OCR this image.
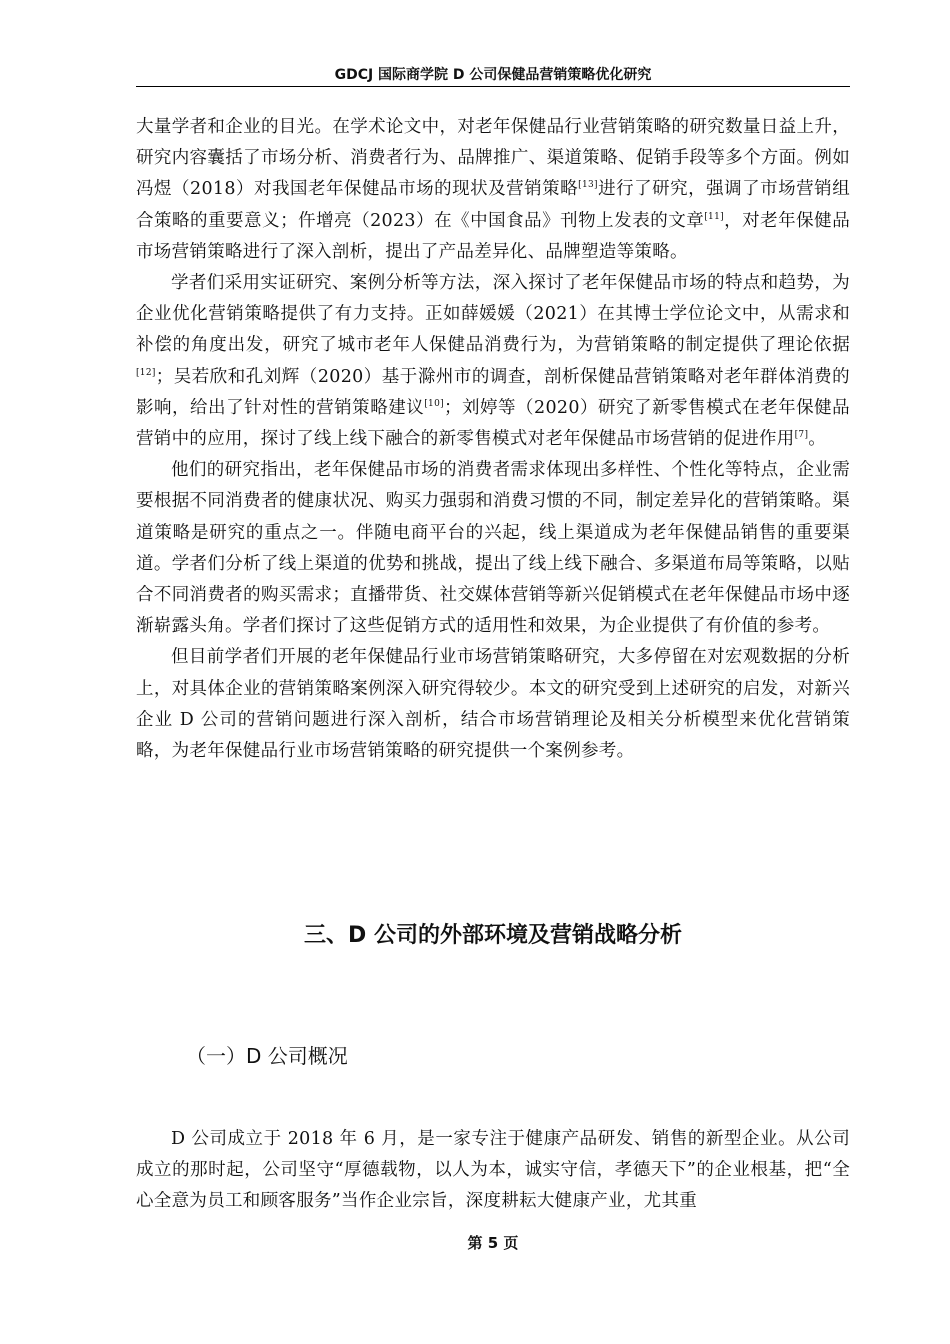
GDCJ 国际商学院 D 公司保健品营销策略优化研究

大量学者和企业的目光。在学术论文中，对老年保健品行业营销策略的研究数量日益上升，研究内容囊括了市场分析、消费者行为、品牌推广、渠道策略、促销手段等多个方面。例如冯煜（2018）对我国老年保健品市场的现状及营销策略[13]进行了研究，强调了市场营销组合策略的重要意义；仵增亮（2023）在《中国食品》刊物上发表的文章[11]，对老年保健品市场营销策略进行了深入剖析，提出了产品差异化、品牌塑造等策略。

学者们采用实证研究、案例分析等方法，深入探讨了老年保健品市场的特点和趋势，为企业优化营销策略提供了有力支持。正如薛媛媛（2021）在其博士学位论文中，从需求和补偿的角度出发，研究了城市老年人保健品消费行为，为营销策略的制定提供了理论依据[12]；吴若欣和孔刘辉（2020）基于滁州市的调查，剖析保健品营销策略对老年群体消费的影响，给出了针对性的营销策略建议[10]；刘婷等（2020）研究了新零售模式在老年保健品营销中的应用，探讨了线上线下融合的新零售模式对老年保健品市场营销的促进作用[7]。

他们的研究指出，老年保健品市场的消费者需求体现出多样性、个性化等特点，企业需要根据不同消费者的健康状况、购买力强弱和消费习惯的不同，制定差异化的营销策略。渠道策略是研究的重点之一。伴随电商平台的兴起，线上渠道成为老年保健品销售的重要渠道。学者们分析了线上渠道的优势和挑战，提出了线上线下融合、多渠道布局等策略，以贴合不同消费者的购买需求；直播带货、社交媒体营销等新兴促销模式在老年保健品市场中逐渐崭露头角。学者们探讨了这些促销方式的适用性和效果，为企业提供了有价值的参考。

但目前学者们开展的老年保健品行业市场营销策略研究，大多停留在对宏观数据的分析上，对具体企业的营销策略案例深入研究得较少。本文的研究受到上述研究的启发，对新兴企业 D 公司的营销问题进行深入剖析，结合市场营销理论及相关分析模型来优化营销策略，为老年保健品行业市场营销策略的研究提供一个案例参考。

三、D 公司的外部环境及营销战略分析
（一）D 公司概况

D 公司成立于 2018 年 6 月，是一家专注于健康产品研发、销售的新型企业。从公司成立的那时起，公司坚守“厚德载物，以人为本，诚实守信，孝德天下”的企业根基，把“全心全意为员工和顾客服务”当作企业宗旨，深度耕耘大健康产业，尤其重

第 5 页
